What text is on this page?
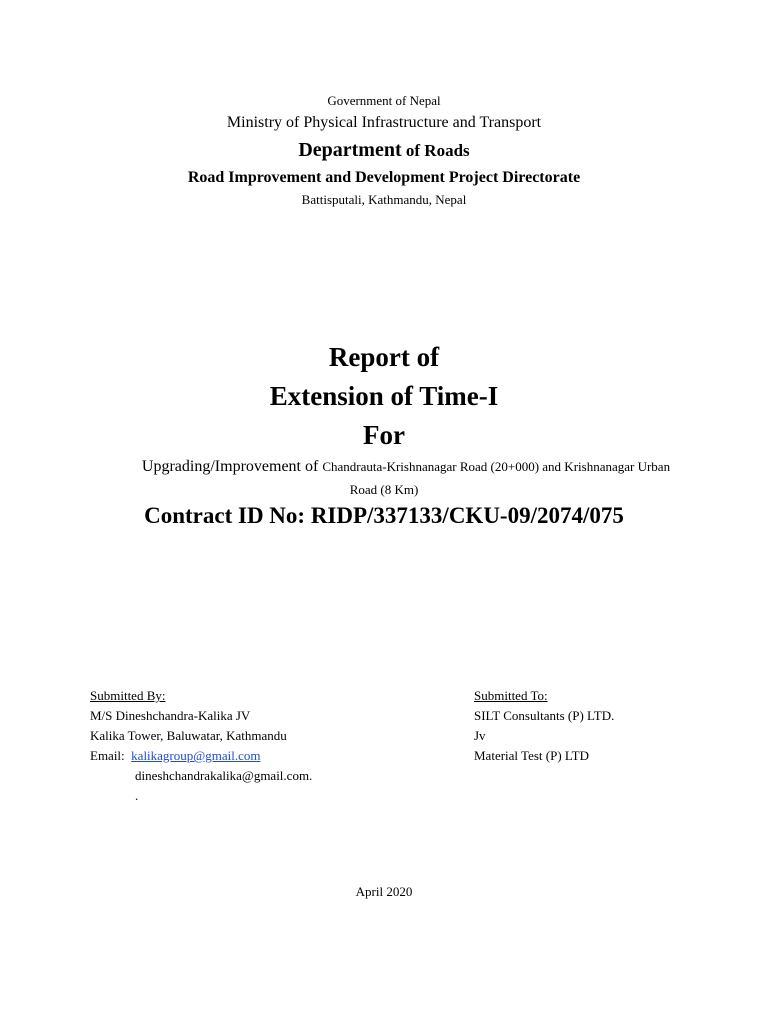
Government of Nepal
Ministry of Physical Infrastructure and Transport
Department of Roads
Road Improvement and Development Project Directorate
Battisputali, Kathmandu, Nepal
Report of
Extension of Time-I
For
Upgrading/Improvement of Chandrauta-Krishnanagar Road (20+000) and Krishnanagar Urban
Road (8 Km)
Contract ID No: RIDP/337133/CKU-09/2074/075
Submitted By:
M/S Dineshchandra-Kalika JV
Kalika Tower, Baluwatar, Kathmandu
Email:  kalikagroup@gmail.com
dineshchandrakalika@gmail.com.
.
Submitted To:
SILT Consultants (P) LTD.
Jv
Material Test (P) LTD
April 2020
